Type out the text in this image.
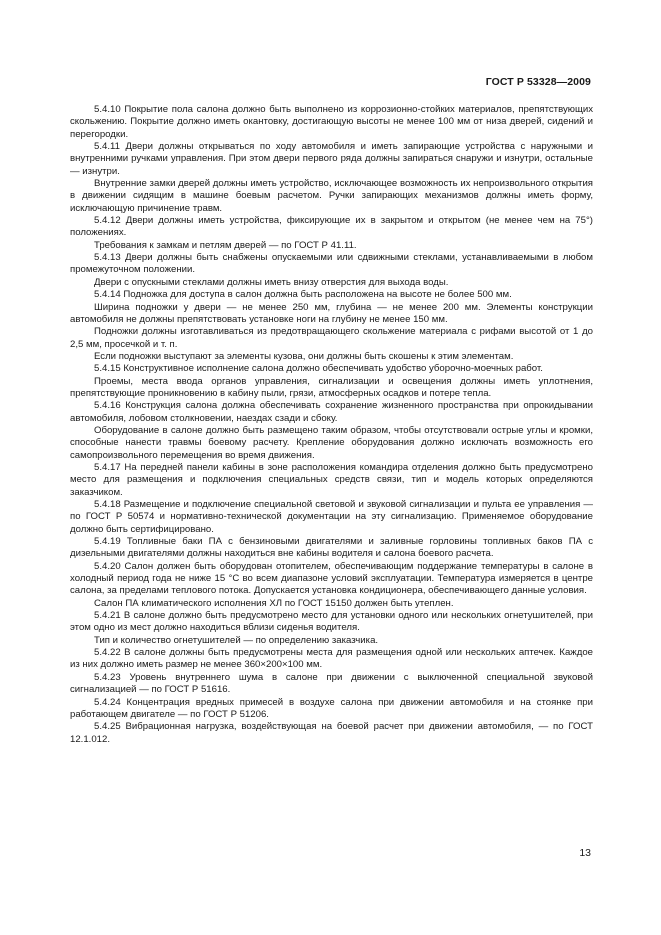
ГОСТ Р 53328—2009

5.4.10 Покрытие пола салона должно быть выполнено из коррозионно-стойких материалов, препятствующих скольжению. Покрытие должно иметь окантовку, достигающую высоты не менее 100 мм от низа дверей, сидений и перегородки.

5.4.11 Двери должны открываться по ходу автомобиля и иметь запирающие устройства с наружными и внутренними ручками управления. При этом двери первого ряда должны запираться снаружи и изнутри, остальные — изнутри.

Внутренние замки дверей должны иметь устройство, исключающее возможность их непроизвольного открытия в движении сидящим в машине боевым расчетом. Ручки запирающих механизмов должны иметь форму, исключающую причинение травм.

5.4.12 Двери должны иметь устройства, фиксирующие их в закрытом и открытом (не менее чем на 75°) положениях.

Требования к замкам и петлям дверей — по ГОСТ Р 41.11.

5.4.13 Двери должны быть снабжены опускаемыми или сдвижными стеклами, устанавливаемыми в любом промежуточном положении.

Двери с опускными стеклами должны иметь внизу отверстия для выхода воды.

5.4.14 Подножка для доступа в салон должна быть расположена на высоте не более 500 мм.

Ширина подножки у двери — не менее 250 мм, глубина — не менее 200 мм. Элементы конструкции автомобиля не должны препятствовать установке ноги на глубину не менее 150 мм.

Подножки должны изготавливаться из предотвращающего скольжение материала с рифами высотой от 1 до 2,5 мм, просечкой и т. п.

Если подножки выступают за элементы кузова, они должны быть скошены к этим элементам.

5.4.15 Конструктивное исполнение салона должно обеспечивать удобство уборочно-моечных работ.

Проемы, места ввода органов управления, сигнализации и освещения должны иметь уплотнения, препятствующие проникновению в кабину пыли, грязи, атмосферных осадков и потере тепла.

5.4.16 Конструкция салона должна обеспечивать сохранение жизненного пространства при опрокидывании автомобиля, лобовом столкновении, наездах сзади и сбоку.

Оборудование в салоне должно быть размещено таким образом, чтобы отсутствовали острые углы и кромки, способные нанести травмы боевому расчету. Крепление оборудования должно исключать возможность его самопроизвольного перемещения во время движения.

5.4.17 На передней панели кабины в зоне расположения командира отделения должно быть предусмотрено место для размещения и подключения специальных средств связи, тип и модель которых определяются заказчиком.

5.4.18 Размещение и подключение специальной световой и звуковой сигнализации и пульта ее управления — по ГОСТ Р 50574 и нормативно-технической документации на эту сигнализацию. Применяемое оборудование должно быть сертифицировано.

5.4.19 Топливные баки ПА с бензиновыми двигателями и заливные горловины топливных баков ПА с дизельными двигателями должны находиться вне кабины водителя и салона боевого расчета.

5.4.20 Салон должен быть оборудован отопителем, обеспечивающим поддержание температуры в салоне в холодный период года не ниже 15 °С во всем диапазоне условий эксплуатации. Температура измеряется в центре салона, за пределами теплового потока. Допускается установка кондиционера, обеспечивающего данные условия.

Салон ПА климатического исполнения ХЛ по ГОСТ 15150 должен быть утеплен.

5.4.21 В салоне должно быть предусмотрено место для установки одного или нескольких огнетушителей, при этом одно из мест должно находиться вблизи сиденья водителя.

Тип и количество огнетушителей — по определению заказчика.

5.4.22 В салоне должны быть предусмотрены места для размещения одной или нескольких аптечек. Каждое из них должно иметь размер не менее 360×200×100 мм.

5.4.23 Уровень внутреннего шума в салоне при движении с выключенной специальной звуковой сигнализацией — по ГОСТ Р 51616.

5.4.24 Концентрация вредных примесей в воздухе салона при движении автомобиля и на стоянке при работающем двигателе — по ГОСТ Р 51206.

5.4.25 Вибрационная нагрузка, воздействующая на боевой расчет при движении автомобиля, — по ГОСТ 12.1.012.

13
